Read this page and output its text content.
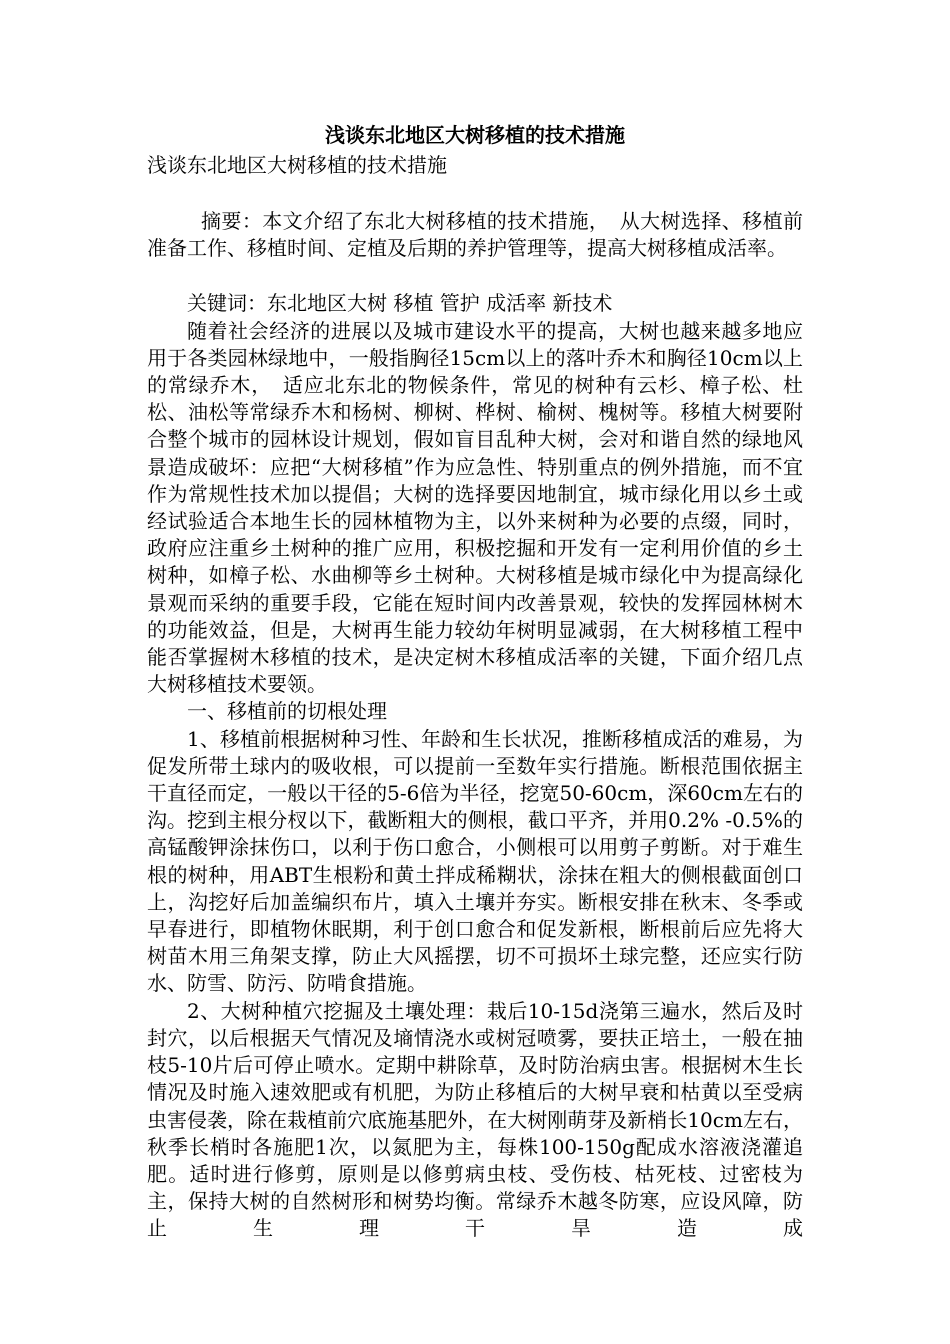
浅谈东北地区大树移植的技术措施

浅谈东北地区大树移植的技术措施

摘要：本文介绍了东北大树移植的技术措施，　从大树选择、移植前准备工作、移植时间、定植及后期的养护管理等，提高大树移植成活率。

关键词：东北地区大树 移植 管护 成活率 新技术

随着社会经济的进展以及城市建设水平的提高，大树也越来越多地应用于各类园林绿地中，一般指胸径15cm以上的落叶乔木和胸径10cm以上的常绿乔木，　适应北东北的物候条件，常见的树种有云杉、樟子松、杜松、油松等常绿乔木和杨树、柳树、桦树、榆树、槐树等。移植大树要附合整个城市的园林设计规划，假如盲目乱种大树，会对和谐自然的绿地风景造成破坏：应把“大树移植”作为应急性、特别重点的例外措施，而不宜作为常规性技术加以提倡；大树的选择要因地制宜，城市绿化用以乡土或经试验适合本地生长的园林植物为主，以外来树种为必要的点缀，同时，政府应注重乡土树种的推广应用，积极挖掘和开发有一定利用价值的乡土树种，如樟子松、水曲柳等乡土树种。大树移植是城市绿化中为提高绿化景观而采纳的重要手段，它能在短时间内改善景观，较快的发挥园林树木的功能效益，但是，大树再生能力较幼年树明显减弱，在大树移植工程中能否掌握树木移植的技术，是决定树木移植成活率的关键，下面介绍几点大树移植技术要领。

一、移植前的切根处理

1、移植前根据树种习性、年龄和生长状况，推断移植成活的难易，为促发所带土球内的吸收根，可以提前一至数年实行措施。断根范围依据主干直径而定，一般以干径的5-6倍为半径，挖宽50-60cm，深60cm左右的沟。挖到主根分杈以下，截断粗大的侧根，截口平齐，并用0.2% -0.5%的高锰酸钾涂抹伤口，以利于伤口愈合，小侧根可以用剪子剪断。对于难生根的树种，用ABT生根粉和黄土拌成稀糊状，涂抹在粗大的侧根截面创口上，沟挖好后加盖编织布片，填入土壤并夯实。断根安排在秋末、冬季或早春进行，即植物休眠期，利于创口愈合和促发新根，断根前后应先将大树苗木用三角架支撑，防止大风摇摆，切不可损坏土球完整，还应实行防水、防雪、防污、防啃食措施。

2、大树种植穴挖掘及土壤处理：栽后10-15d浇第三遍水，然后及时封穴，以后根据天气情况及墒情浇水或树冠喷雾，要扶正培土，一般在抽枝5-10片后可停止喷水。定期中耕除草，及时防治病虫害。根据树木生长情况及时施入速效肥或有机肥，为防止移植后的大树早衰和枯黄以至受病虫害侵袭，除在栽植前穴底施基肥外，在大树刚萌芽及新梢长10cm左右，秋季长梢时各施肥1次，以氮肥为主，每株100-150g配成水溶液浇灌追肥。适时进行修剪，原则是以修剪病虫枝、受伤枝、枯死枝、过密枝为主，保持大树的自然树形和树势均衡。常绿乔木越冬防寒，应设风障，防止生理干旱造成
